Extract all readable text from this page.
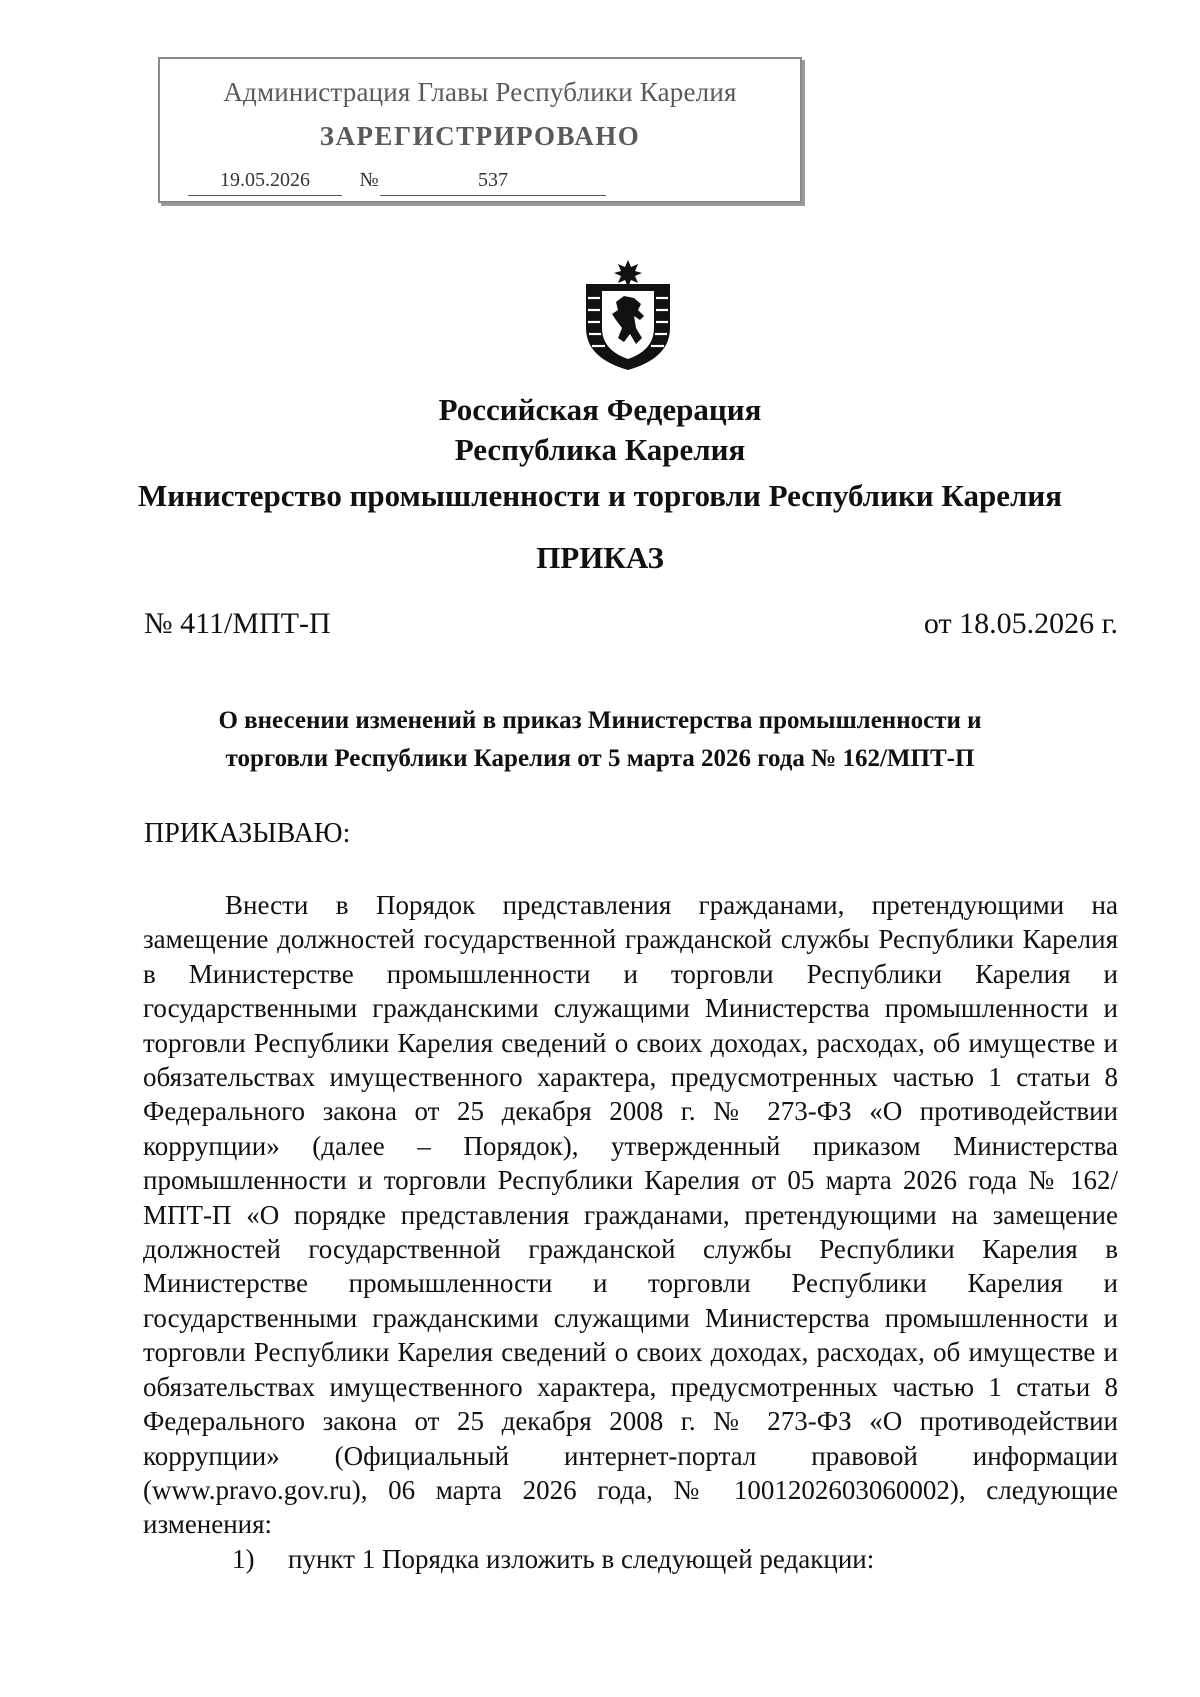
Администрация Главы Республики Карелия
ЗАРЕГИСТРИРОВАНО
19.05.2026	№	537
Российская Федерация
Республика Карелия
Министерство промышленности и торговли Республики Карелия
ПРИКАЗ
№ 411/МПТ-П	от 18.05.2026 г.
О внесении изменений в приказ Министерства промышленности и
торговли Республики Карелия от 5 марта 2026 года № 162/МПТ-П
ПРИКАЗЫВАЮ:

Внести в Порядок представления гражданами, претендующими на замещение должностей государственной гражданской службы Республики Карелия в Министерстве промышленности и торговли Республики Карелия и государственными гражданскими служащими Министерства промышленности и торговли Республики Карелия сведений о своих доходах, расходах, об имуществе и обязательствах имущественного характера, предусмотренных частью 1 статьи 8 Федерального закона от 25 декабря 2008 г. № 273-ФЗ «О противодействии коррупции» (далее – Порядок), утвержденный приказом Министерства промышленности и торговли Республики Карелия от 05 марта 2026 года № 162/МПТ-П «О порядке представления гражданами, претендующими на замещение должностей государственной гражданской службы Республики Карелия в Министерстве промышленности и торговли Республики Карелия и государственными гражданскими служащими Министерства промышленности и торговли Республики Карелия сведений о своих доходах, расходах, об имуществе и обязательствах имущественного характера, предусмотренных частью 1 статьи 8 Федерального закона от 25 декабря 2008 г. № 273-ФЗ «О противодействии коррупции» (Официальный интернет-портал правовой информации (www.pravo.gov.ru), 06 марта 2026 года, № 1001202603060002), следующие изменения:

1) пункт 1 Порядка изложить в следующей редакции:
